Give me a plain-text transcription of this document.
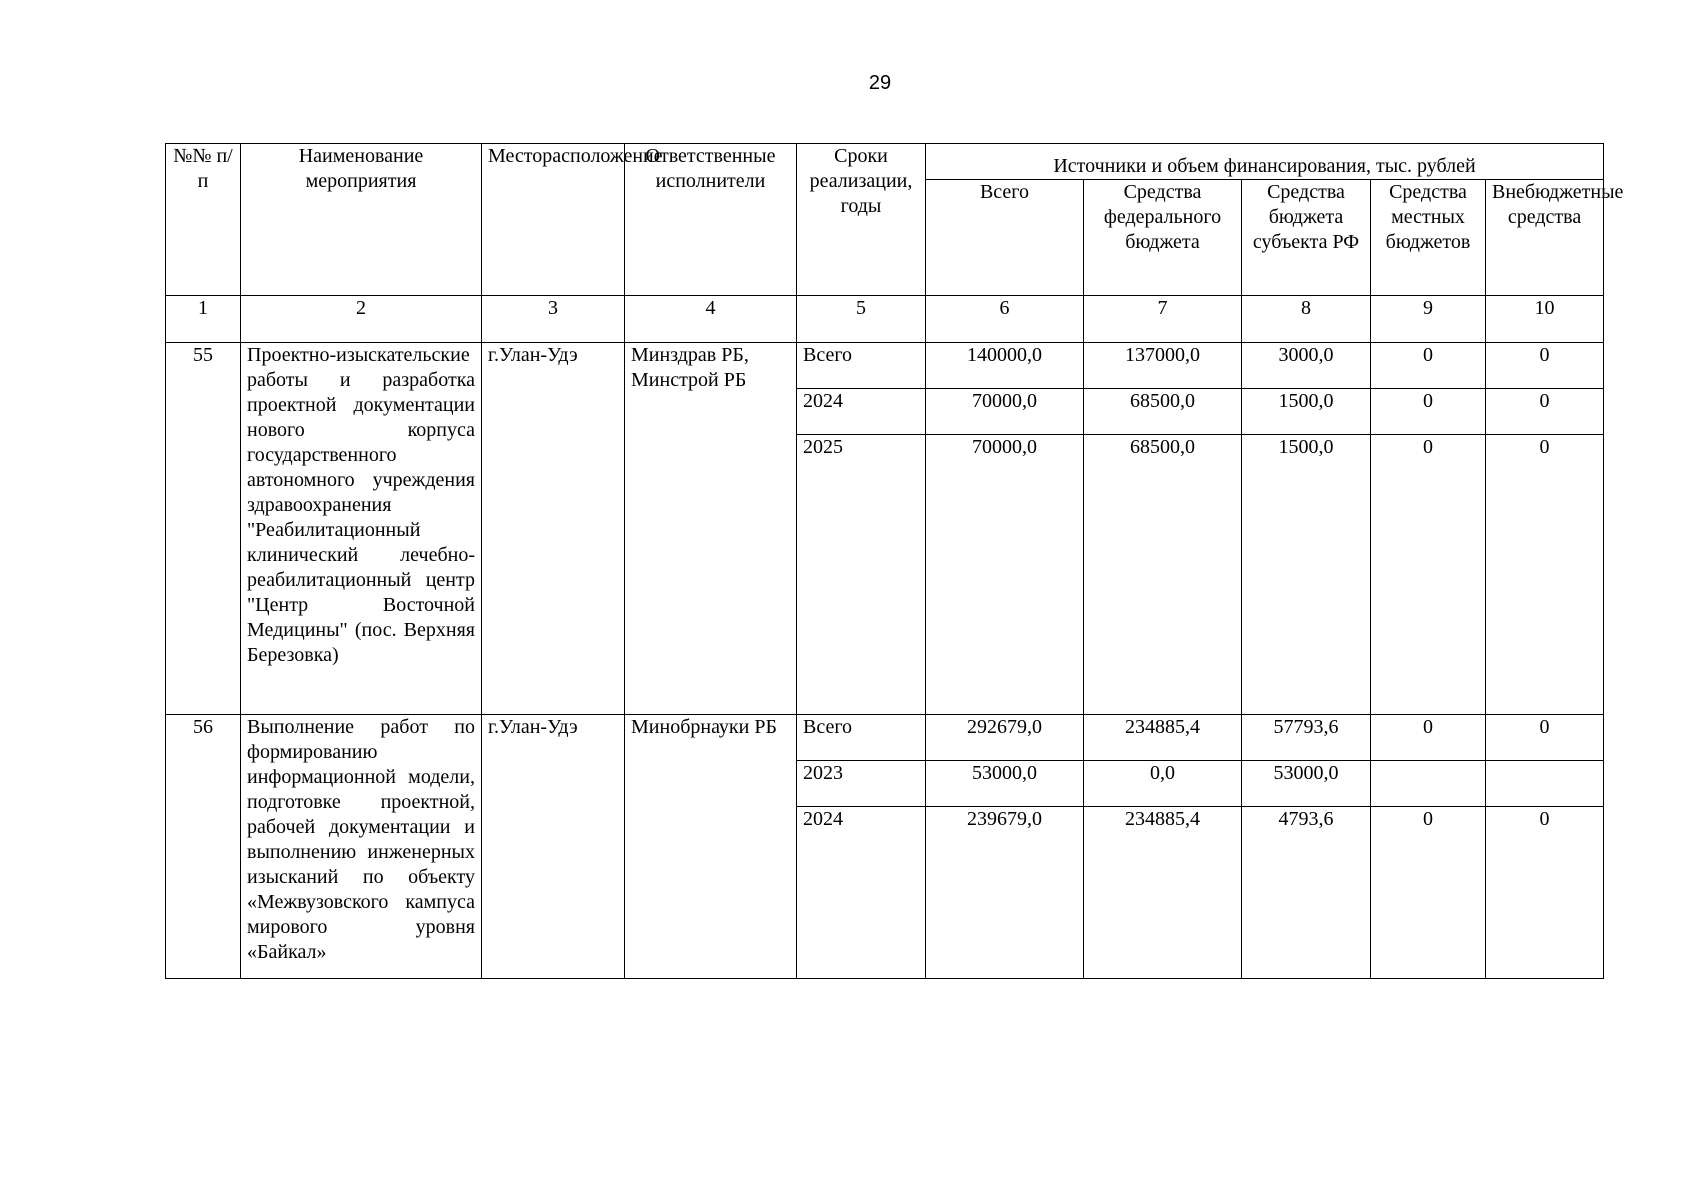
29
№№ п/п	Наименование мероприятия	Месторасположение	Ответственные исполнители	Сроки реализации, годы	Источники и объем финансирования, тыс. рублей				
					Всего	Средства федерального бюджета	Средства бюджета субъекта РФ	Средства местных бюджетов	Внебюджетные средства
1	2	3	4	5	6	7	8	9	10
55	Проектно-изыскательские работы и разработка проектной документации нового корпуса государственного автономного учреждения здравоохранения "Реабилитационный клинический лечебно-реабилитационный центр "Центр Восточной Медицины" (пос. Верхняя Березовка)	г.Улан-Удэ	Минздрав РБ, Минстрой РБ	Всего	140000,0	137000,0	3000,0	0	0
				2024	70000,0	68500,0	1500,0	0	0
				2025	70000,0	68500,0	1500,0	0	0
56	Выполнение работ по формированию информационной модели, подготовке проектной, рабочей документации и выполнению инженерных изысканий по объекту «Межвузовского кампуса мирового уровня «Байкал»	г.Улан-Удэ	Минобрнауки РБ	Всего	292679,0	234885,4	57793,6	0	0
				2023	53000,0	0,0	53000,0		
				2024	239679,0	234885,4	4793,6	0	0
